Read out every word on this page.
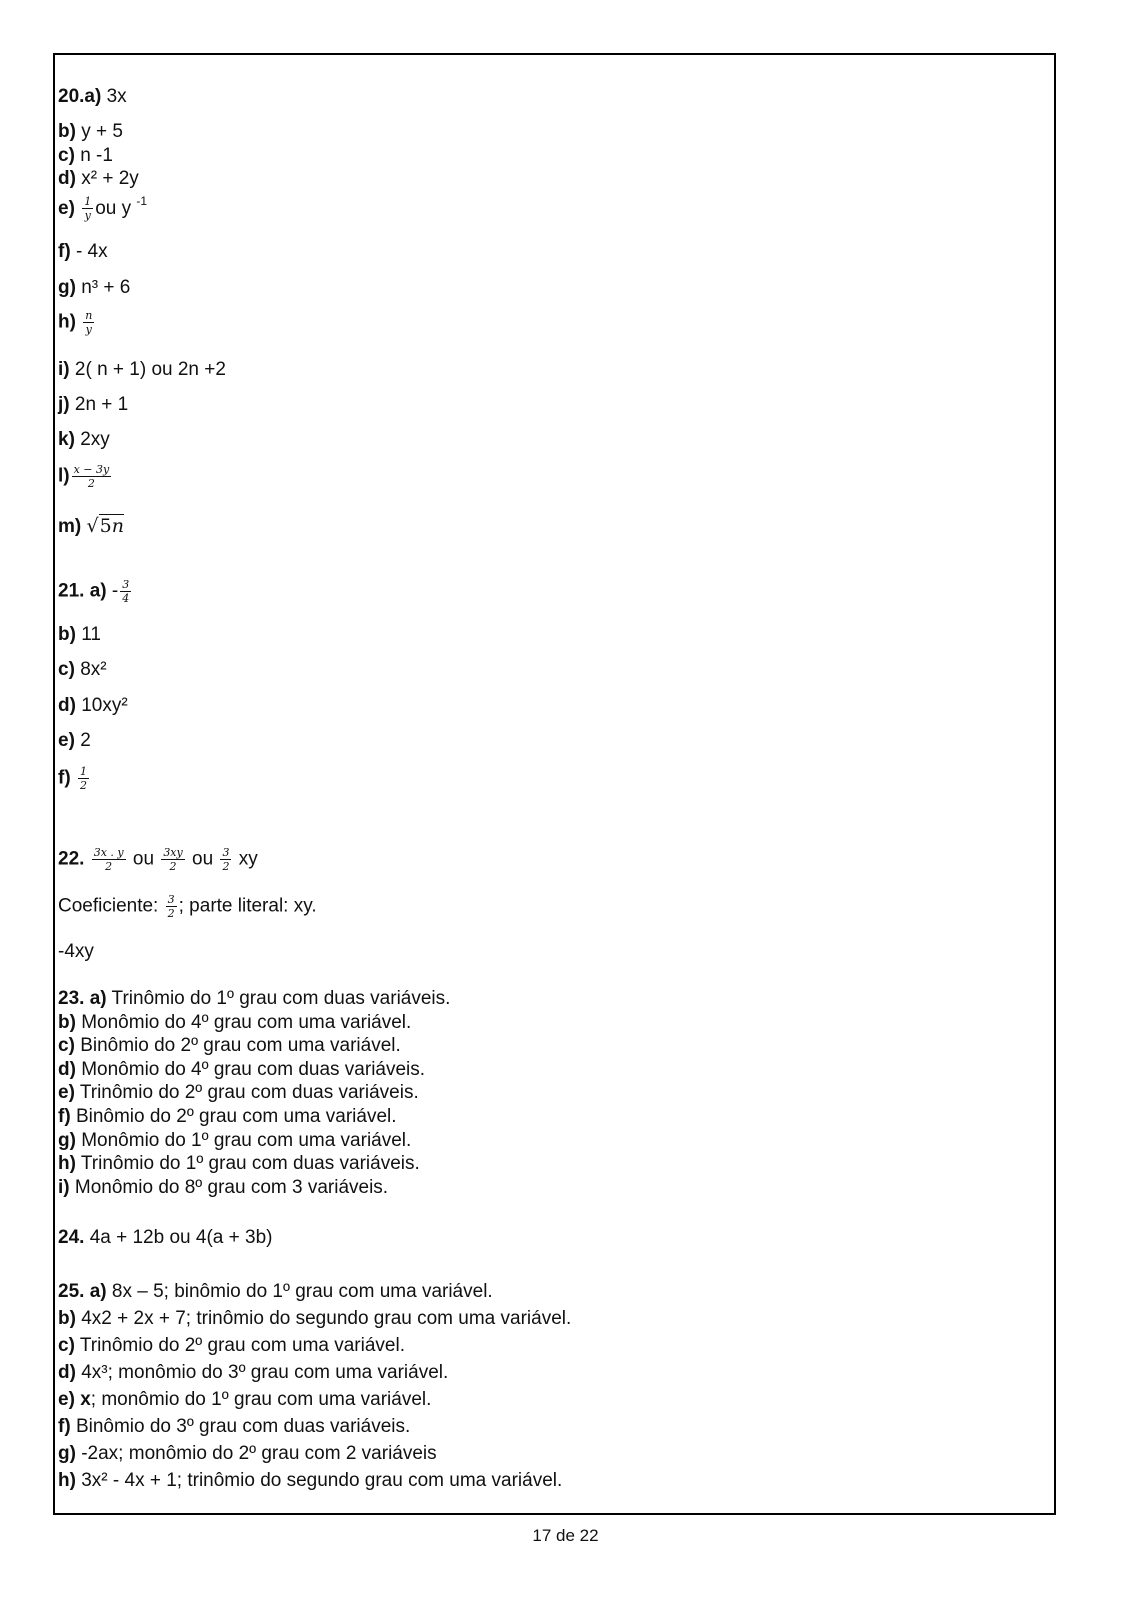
20.a) 3x
b) y + 5
c) n -1
d) x² + 2y
$e) \frac{1}{y}$ ou y $^{-1}$
f) - 4x
g) n³ + 6
$h) \frac{n}{y}$
i) 2( n + 1) ou 2n +2
j) 2n + 1
k) 2xy
$l) \frac{x - 3y}{2}$
m) √5n
21. $a) - \frac{3}{4}$
b) 11
c) 8x²
d) 10xy²
e) 2
$f) \frac{1}{2}$
22. $\frac{3x . y}{2}$ ou $\frac{3xy}{2}$ ou $\frac{3}{2}$ xy
Coeficiente: $\frac{3}{2}$ ; parte literal: xy.
-4xy
23. a) Trinômio do 1º grau com duas variáveis.
b) Monômio do 4º grau com uma variável.
c) Binômio do 2º grau com uma variável.
d) Monômio do 4º grau com duas variáveis.
e) Trinômio do 2º grau com duas variáveis.
f) Binômio do 2º grau com uma variável.
g) Monômio do 1º grau com uma variável.
h) Trinômio do 1º grau com duas variáveis.
i) Monômio do 8º grau com 3 variáveis.
24. 4a + 12b ou 4(a + 3b)
25. a) 8x – 5; binômio do 1º grau com uma variável.
b) 4x2 + 2x + 7; trinômio do segundo grau com uma variável.
c) Trinômio do 2º grau com uma variável.
d) 4x³; monômio do 3º grau com uma variável.
e) x; monômio do 1º grau com uma variável.
f) Binômio do 3º grau com duas variáveis.
g) -2ax; monômio do 2º grau com 2 variáveis
h) 3x² - 4x + 1; trinômio do segundo grau com uma variável.
17 de 22
